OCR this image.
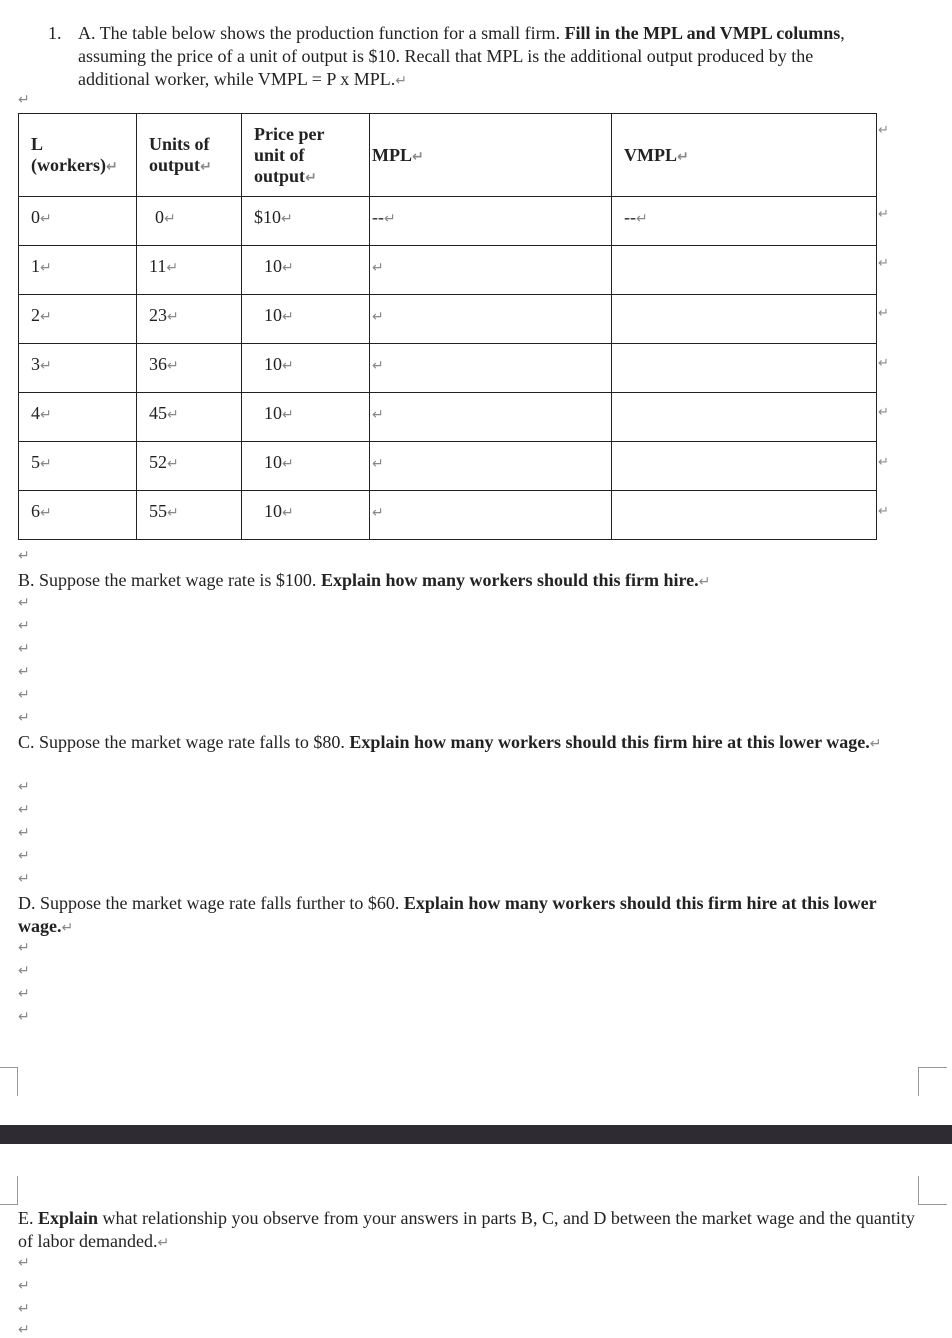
1. A. The table below shows the production function for a small firm. Fill in the MPL and VMPL columns, assuming the price of a unit of output is $10. Recall that MPL is the additional output produced by the additional worker, while VMPL = P x MPL.↵
↵
L (workers)↵	Units of output↵	Price per unit of output↵	MPL↵	VMPL↵
0↵	0↵	$10↵	--↵	--↵
1↵	11↵	10↵	↵	
2↵	23↵	10↵	↵	
3↵	36↵	10↵	↵	
4↵	45↵	10↵	↵	
5↵	52↵	10↵	↵	
6↵	55↵	10↵	↵	
↵
↵
↵
↵
↵
↵
↵
↵
↵
B. Suppose the market wage rate is $100. Explain how many workers should this firm hire.↵
↵
↵
↵
↵
↵
↵
C. Suppose the market wage rate falls to $80. Explain how many workers should this firm hire at this lower wage.↵
↵
↵
↵
↵
↵
D. Suppose the market wage rate falls further to $60. Explain how many workers should this firm hire at this lower wage.↵
↵
↵
↵
↵
E. Explain what relationship you observe from your answers in parts B, C, and D between the market wage and the quantity of labor demanded.↵
↵
↵
↵
↵
